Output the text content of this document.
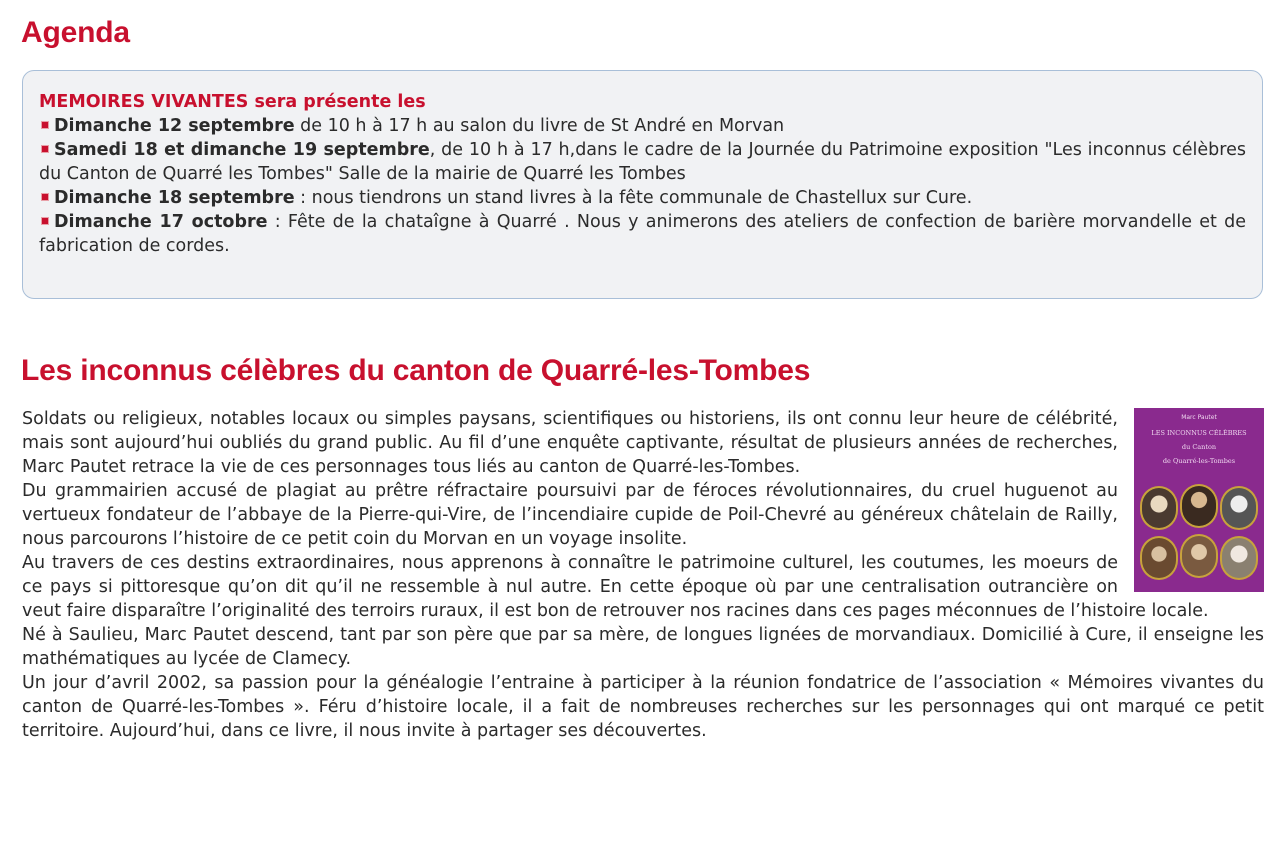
Agenda
MEMOIRES VIVANTES sera présente les
Dimanche 12 septembre de 10 h à 17 h au salon du livre de St André en Morvan
Samedi 18 et dimanche 19 septembre, de 10 h à 17 h,dans le cadre de la Journée du Patrimoine exposition "Les inconnus célèbres du Canton de Quarré les Tombes" Salle de la mairie de Quarré les Tombes
Dimanche 18 septembre : nous tiendrons un stand livres à la fête communale de Chastellux sur Cure.
Dimanche 17 octobre : Fête de la chataîgne à Quarré . Nous y animerons des ateliers de confection de barière morvandelle et de fabrication de cordes.
Les inconnus célèbres du canton de Quarré-les-Tombes
Marc Pautet
LES INCONNUS CÉLÈBRES
du Canton
de Quarré-les-Tombes

Soldats ou religieux, notables locaux ou simples paysans, scientifiques ou historiens, ils ont connu leur heure de célébrité, mais sont aujourd’hui oubliés du grand public. Au fil d’une enquête captivante, résultat de plusieurs années de recherches, Marc Pautet retrace la vie de ces personnages tous liés au canton de Quarré-les-Tombes.

Du grammairien accusé de plagiat au prêtre réfractaire poursuivi par de féroces révolutionnaires, du cruel huguenot au vertueux fondateur de l’abbaye de la Pierre-qui-Vire, de l’incendiaire cupide de Poil-Chevré au généreux châtelain de Railly, nous parcourons l’histoire de ce petit coin du Morvan en un voyage insolite.

Au travers de ces destins extraordinaires, nous apprenons à connaître le patrimoine culturel, les coutumes, les moeurs de ce pays si pittoresque qu’on dit qu’il ne ressemble à nul autre. En cette époque où par une centralisation outrancière on veut faire disparaître l’originalité des terroirs ruraux, il est bon de retrouver nos racines dans ces pages méconnues de l’histoire locale.

Né à Saulieu, Marc Pautet descend, tant par son père que par sa mère, de longues lignées de morvandiaux. Domicilié à Cure, il enseigne les mathématiques au lycée de Clamecy.

Un jour d’avril 2002, sa passion pour la généalogie l’entraine à participer à la réunion fondatrice de l’association « Mémoires vivantes du canton de Quarré-les-Tombes ». Féru d’histoire locale, il a fait de nombreuses recherches sur les personnages qui ont marqué ce petit territoire. Aujourd’hui, dans ce livre, il nous invite à partager ses découvertes.
